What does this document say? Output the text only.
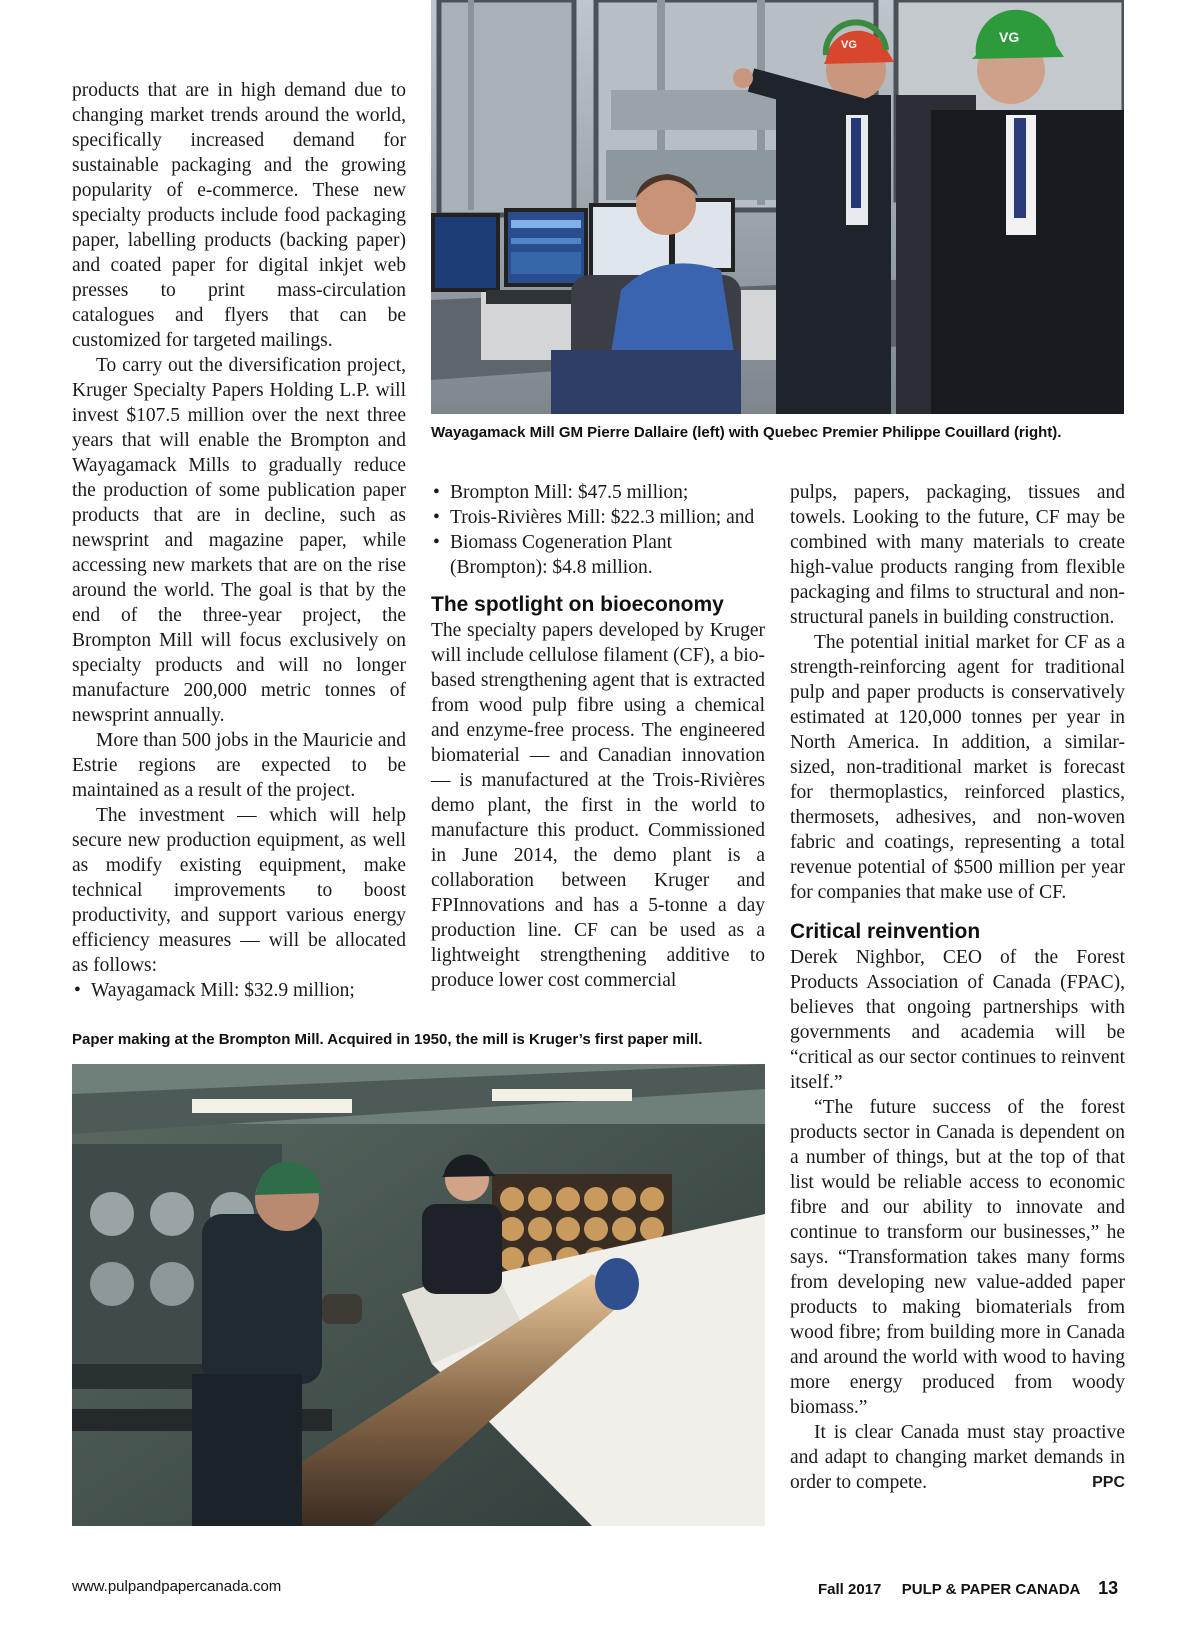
VG
VG
Wayagamack Mill GM Pierre Dallaire (left) with Quebec Premier Philippe Couillard (right).

products that are in high demand due to changing market trends around the world, specifically increased demand for sustainable packaging and the growing popularity of e-commerce. These new specialty products include food packaging paper, labelling products (backing paper) and coated paper for digital inkjet web presses to print mass-circulation catalogues and flyers that can be customized for targeted mailings.

To carry out the diversification project, Kruger Specialty Papers Holding L.P. will invest $107.5 million over the next three years that will enable the Brompton and Wayagamack Mills to gradually reduce the production of some publication paper products that are in decline, such as newsprint and magazine paper, while accessing new markets that are on the rise around the world. The goal is that by the end of the three-year project, the Brompton Mill will focus exclusively on specialty products and will no longer manufacture 200,000 metric tonnes of newsprint annually.

More than 500 jobs in the Mauricie and Estrie regions are expected to be maintained as a result of the project.

The investment — which will help secure new production equipment, as well as modify existing equipment, make technical improvements to boost productivity, and support various energy efficiency measures — will be allocated as follows:

• Wayagamack Mill: $32.9 million;
• Brompton Mill: $47.5 million;
• Trois-Rivières Mill: $22.3 million; and
• Biomass Cogeneration Plant (Brompton): $4.8 million.
The spotlight on bioeconomy

The specialty papers developed by Kruger will include cellulose filament (CF), a bio-based strengthening agent that is extracted from wood pulp fibre using a chemical and enzyme-free process. The engineered biomaterial — and Canadian innovation — is manufactured at the Trois-Rivières demo plant, the first in the world to manufacture this product. Commissioned in June 2014, the demo plant is a collaboration between Kruger and FPInnovations and has a 5-tonne a day production line. CF can be used as a lightweight strengthening additive to produce lower cost commercial

pulps, papers, packaging, tissues and towels. Looking to the future, CF may be combined with many materials to create high-value products ranging from flexible packaging and films to structural and non-structural panels in building construction.

The potential initial market for CF as a strength-reinforcing agent for traditional pulp and paper products is conservatively estimated at 120,000 tonnes per year in North America. In addition, a similar-sized, non-traditional market is forecast for thermoplastics, reinforced plastics, thermosets, adhesives, and non-woven fabric and coatings, representing a total revenue potential of $500 million per year for companies that make use of CF.

Critical reinvention

Derek Nighbor, CEO of the Forest Products Association of Canada (FPAC), believes that ongoing partnerships with governments and academia will be “critical as our sector continues to reinvent itself.”

“The future success of the forest products sector in Canada is dependent on a number of things, but at the top of that list would be reliable access to economic fibre and our ability to innovate and continue to transform our businesses,” he says. “Transformation takes many forms from developing new value-added paper products to making biomaterials from wood fibre; from building more in Canada and around the world with wood to having more energy produced from woody biomass.”

It is clear Canada must stay proactive and adapt to changing market demands in order to compete.	PPC

Paper making at the Brompton Mill. Acquired in 1950, the mill is Kruger’s first paper mill.
www.pulpandpapercanada.com	Fall 2017 PULP & PAPER CANADA 13
